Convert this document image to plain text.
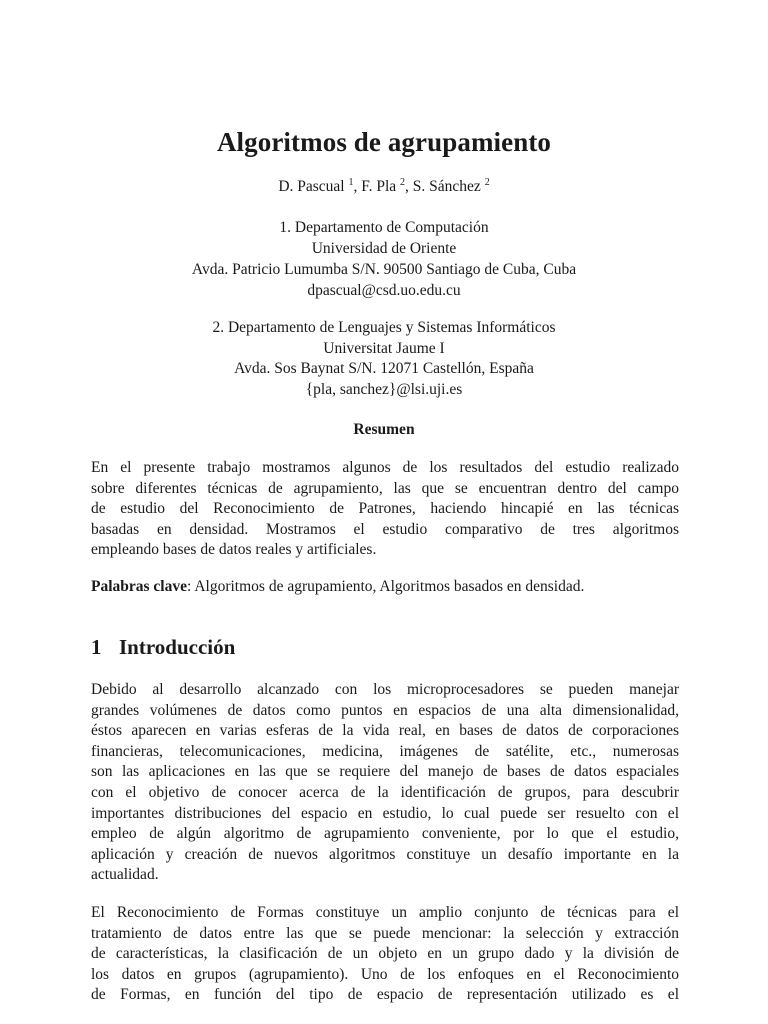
Algoritmos de agrupamiento
D. Pascual $^1$, F. Pla $^2$, S. Sánchez $^2$
1. Departamento de Computación
Universidad de Oriente
Avda. Patricio Lumumba S/N. 90500 Santiago de Cuba, Cuba
dpascual@csd.uo.edu.cu
2. Departamento de Lenguajes y Sistemas Informáticos
Universitat Jaume I
Avda. Sos Baynat S/N. 12071 Castellón, España
{pla, sanchez}@lsi.uji.es
Resumen
En el presente trabajo mostramos algunos de los resultados del estudio realizado
sobre diferentes técnicas de agrupamiento, las que se encuentran dentro del campo
de estudio del Reconocimiento de Patrones, haciendo hincapié en las técnicas
basadas en densidad. Mostramos el estudio comparativo de tres algoritmos
empleando bases de datos reales y artificiales.
Palabras clave: Algoritmos de agrupamiento, Algoritmos basados en densidad.
1 Introducción
Debido al desarrollo alcanzado con los microprocesadores se pueden manejar
grandes volúmenes de datos como puntos en espacios de una alta dimensionalidad,
éstos aparecen en varias esferas de la vida real, en bases de datos de corporaciones
financieras, telecomunicaciones, medicina, imágenes de satélite, etc., numerosas
son las aplicaciones en las que se requiere del manejo de bases de datos espaciales
con el objetivo de conocer acerca de la identificación de grupos, para descubrir
importantes distribuciones del espacio en estudio, lo cual puede ser resuelto con el
empleo de algún algoritmo de agrupamiento conveniente, por lo que el estudio,
aplicación y creación de nuevos algoritmos constituye un desafío importante en la
actualidad.
El Reconocimiento de Formas constituye un amplio conjunto de técnicas para el
tratamiento de datos entre las que se puede mencionar: la selección y extracción
de características, la clasificación de un objeto en un grupo dado y la división de
los datos en grupos (agrupamiento). Uno de los enfoques en el Reconocimiento
de Formas, en función del tipo de espacio de representación utilizado es el
